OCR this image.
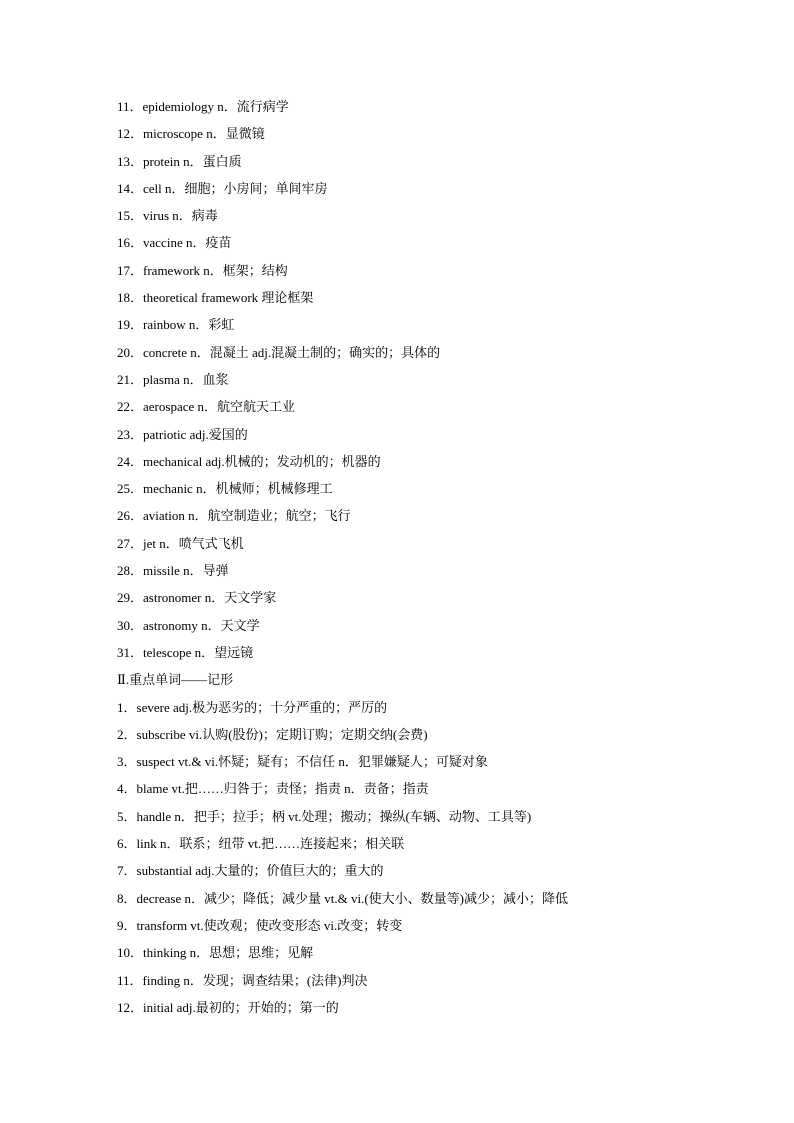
11．epidemiology n．流行病学
12．microscope n．显微镜
13．protein n．蛋白质
14．cell n．细胞；小房间；单间牢房
15．virus n．病毒
16．vaccine n．疫苗
17．framework n．框架；结构
18．theoretical framework 理论框架
19．rainbow n．彩虹
20．concrete n．混凝土 adj.混凝土制的；确实的；具体的
21．plasma n．血浆
22．aerospace n．航空航天工业
23．patriotic adj.爱国的
24．mechanical adj.机械的；发动机的；机器的
25．mechanic n．机械师；机械修理工
26．aviation n．航空制造业；航空；飞行
27．jet n．喷气式飞机
28．missile n．导弹
29．astronomer n．天文学家
30．astronomy n．天文学
31．telescope n．望远镜
Ⅱ.重点单词——记形
1．severe adj.极为恶劣的；十分严重的；严厉的
2．subscribe vi.认购(股份)；定期订购；定期交纳(会费)
3．suspect vt.& vi.怀疑；疑有；不信任 n．犯罪嫌疑人；可疑对象
4．blame vt.把……归咎于；责怪；指责 n．责备；指责
5．handle n．把手；拉手；柄 vt.处理；搬动；操纵(车辆、动物、工具等)
6．link n．联系；纽带 vt.把……连接起来；相关联
7．substantial adj.大量的；价值巨大的；重大的
8．decrease n．减少；降低；减少量 vt.& vi.(使大小、数量等)减少；减小；降低
9．transform vt.使改观；使改变形态 vi.改变；转变
10．thinking n．思想；思维；见解
11．finding n．发现；调查结果；(法律)判决
12．initial adj.最初的；开始的；第一的
